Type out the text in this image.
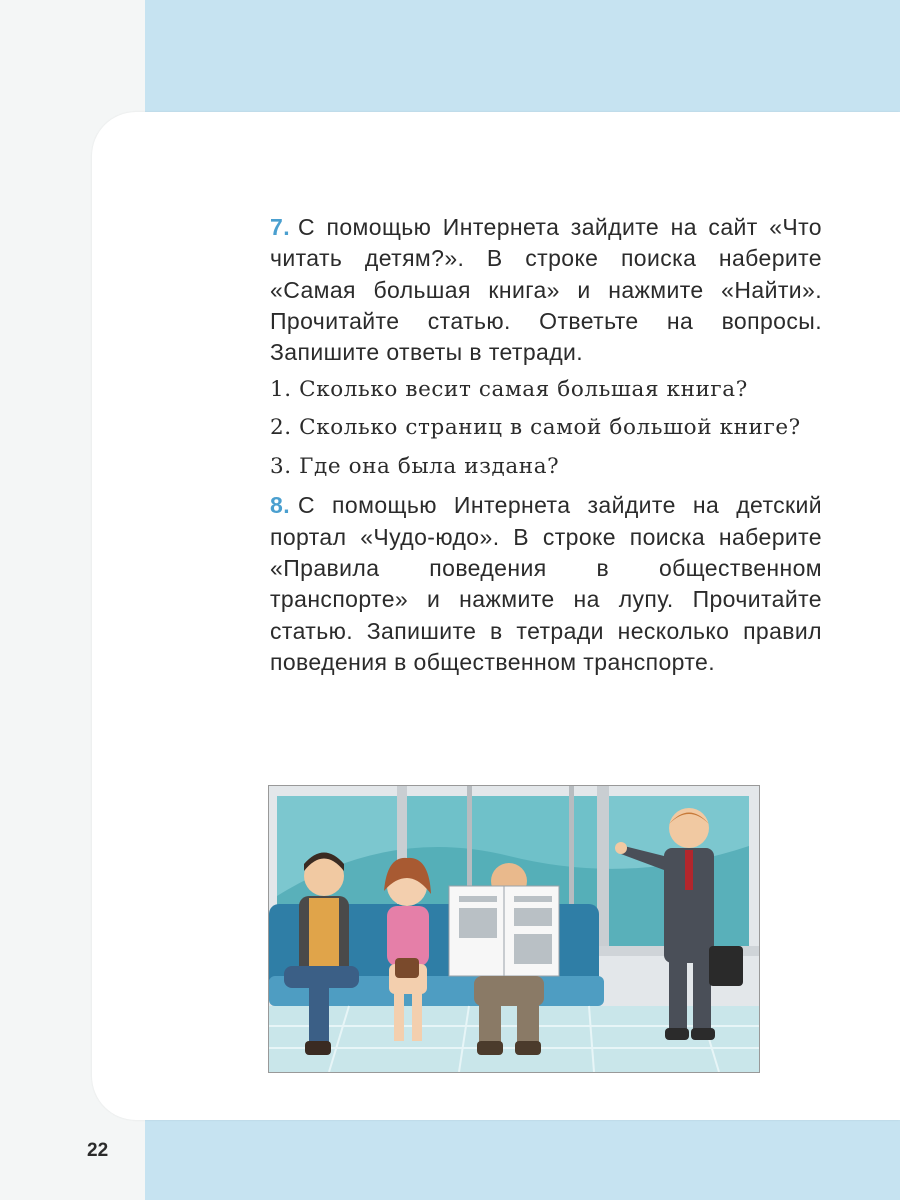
7. С помощью Интернета зайдите на сайт «Что читать детям?». В строке поиска наберите «Самая большая книга» и нажмите «Найти». Прочитайте статью. Ответьте на вопросы. Запишите ответы в тетради.

1. Сколько весит самая большая книга?

2. Сколько страниц в самой большой книге?

3. Где она была издана?

8. С помощью Интернета зайдите на детский портал «Чудо-юдо». В строке поиска наберите «Правила поведения в общественном транспорте» и нажмите на лупу. Прочитайте статью. Запишите в тетради несколько правил поведения в общественном транспорте.

22
